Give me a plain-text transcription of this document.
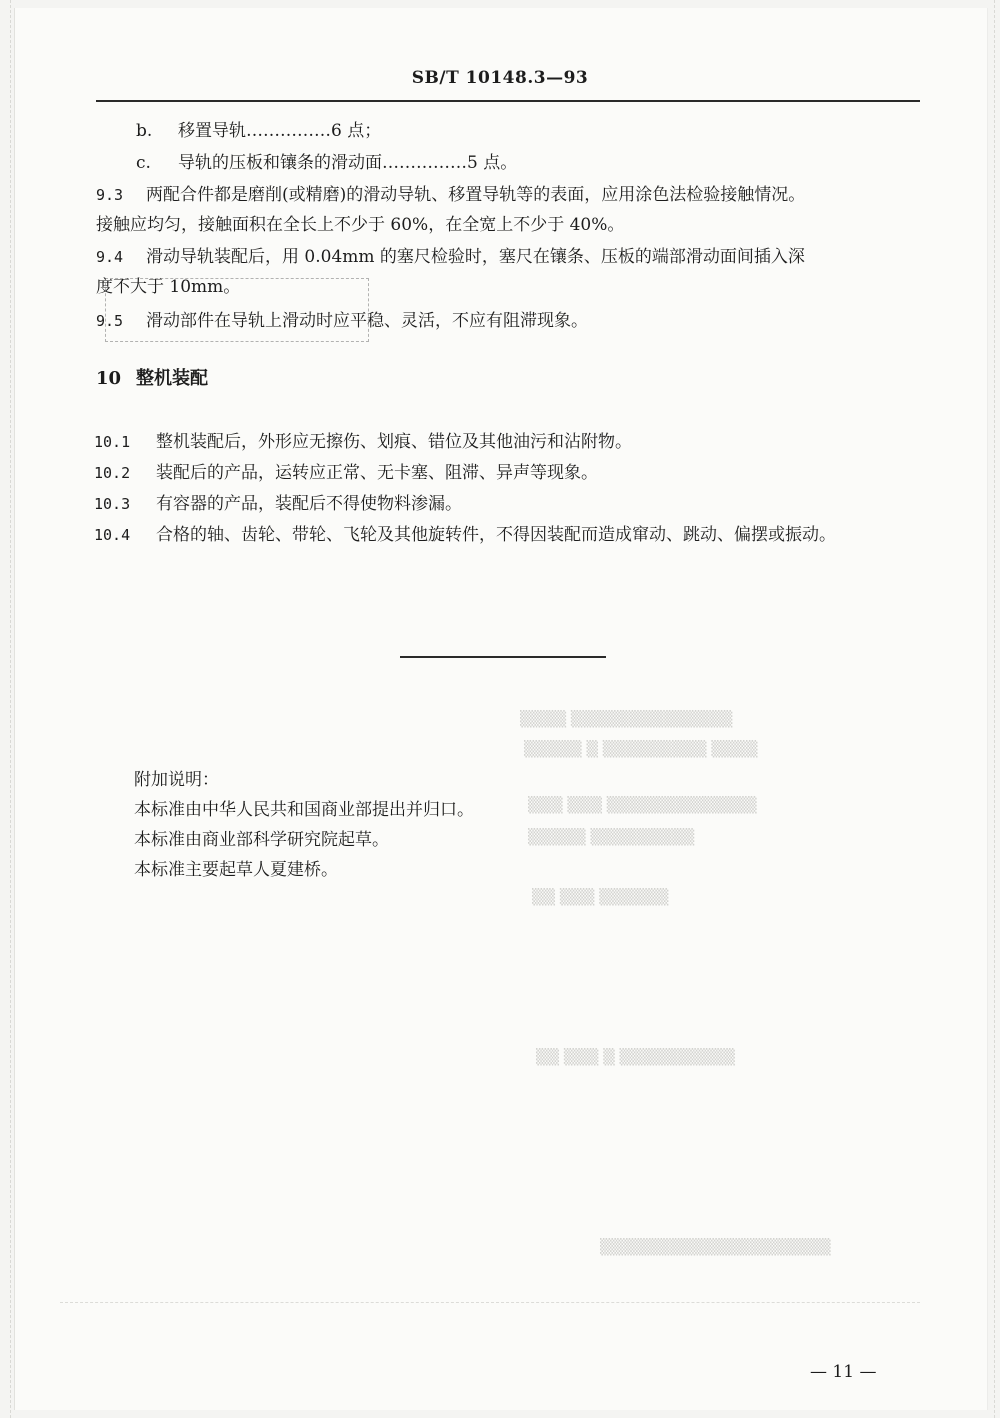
▒▒▒▒ ▒▒▒▒▒▒▒▒▒▒▒▒▒▒
▒▒▒▒▒ ▒ ▒▒▒▒▒▒▒▒▒ ▒▒▒▒
▒▒▒ ▒▒▒ ▒▒▒▒▒▒▒▒▒▒▒▒▒
▒▒▒▒▒ ▒▒▒▒▒▒▒▒▒
▒▒ ▒▒▒ ▒▒▒▒▒▒
▒▒ ▒▒▒ ▒ ▒▒▒▒▒▒▒▒▒▒
▒▒▒▒▒▒▒▒▒▒▒▒▒▒▒▒▒▒▒▒
SB/T 10148.3—93
b. 移置导轨……………6 点；
c. 导轨的压板和镶条的滑动面……………5 点。
9.3 两配合件都是磨削(或精磨)的滑动导轨、移置导轨等的表面，应用涂色法检验接触情况。
接触应均匀，接触面积在全长上不少于 60%，在全宽上不少于 40%。
9.4 滑动导轨装配后，用 0.04mm 的塞尺检验时，塞尺在镶条、压板的端部滑动面间插入深
度不大于 10mm。
9.5 滑动部件在导轨上滑动时应平稳、灵活，不应有阻滞现象。
10 整机装配
10.1 整机装配后，外形应无擦伤、划痕、错位及其他油污和沾附物。
10.2 装配后的产品，运转应正常、无卡塞、阻滞、异声等现象。
10.3 有容器的产品，装配后不得使物料渗漏。
10.4 合格的轴、齿轮、带轮、飞轮及其他旋转件，不得因装配而造成窜动、跳动、偏摆或振动。
附加说明：
本标准由中华人民共和国商业部提出并归口。
本标准由商业部科学研究院起草。
本标准主要起草人夏建桥。
— 11 —
